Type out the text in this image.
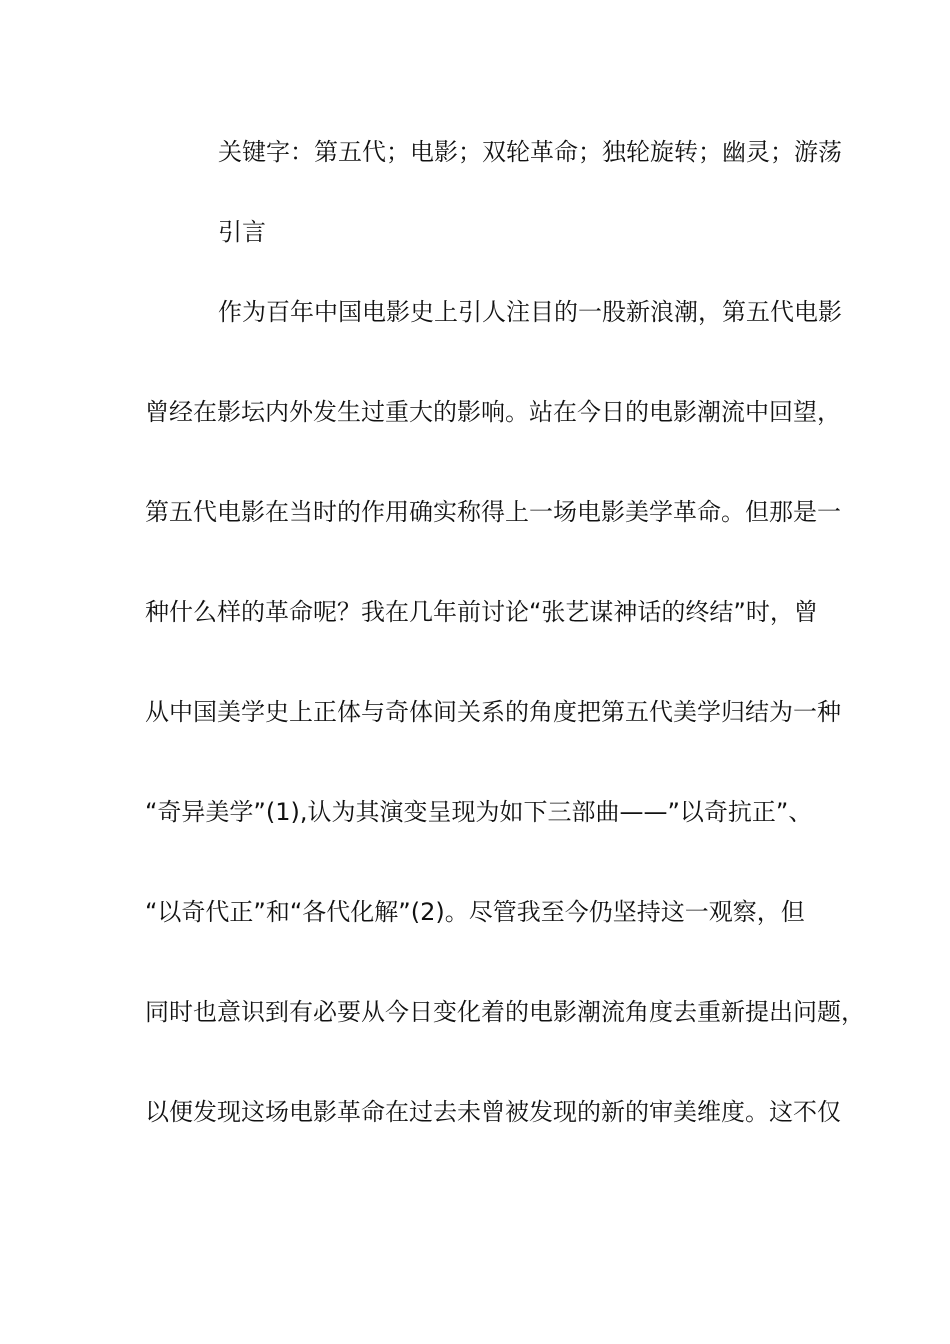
关键字：第五代；电影；双轮革命；独轮旋转；幽灵；游荡
引言
作为百年中国电影史上引人注目的一股新浪潮，第五代电影
曾经在影坛内外发生过重大的影响。站在今日的电影潮流中回望，
第五代电影在当时的作用确实称得上一场电影美学革命。但那是一
种什么样的革命呢？我在几年前讨论“张艺谋神话的终结”时，曾
从中国美学史上正体与奇体间关系的角度把第五代美学归结为一种
“奇异美学”(1),认为其演变呈现为如下三部曲——”以奇抗正”、
“以奇代正”和“各代化解”(2)。尽管我至今仍坚持这一观察，但
同时也意识到有必要从今日变化着的电影潮流角度去重新提出问题，
以便发现这场电影革命在过去未曾被发现的新的审美维度。这不仅
